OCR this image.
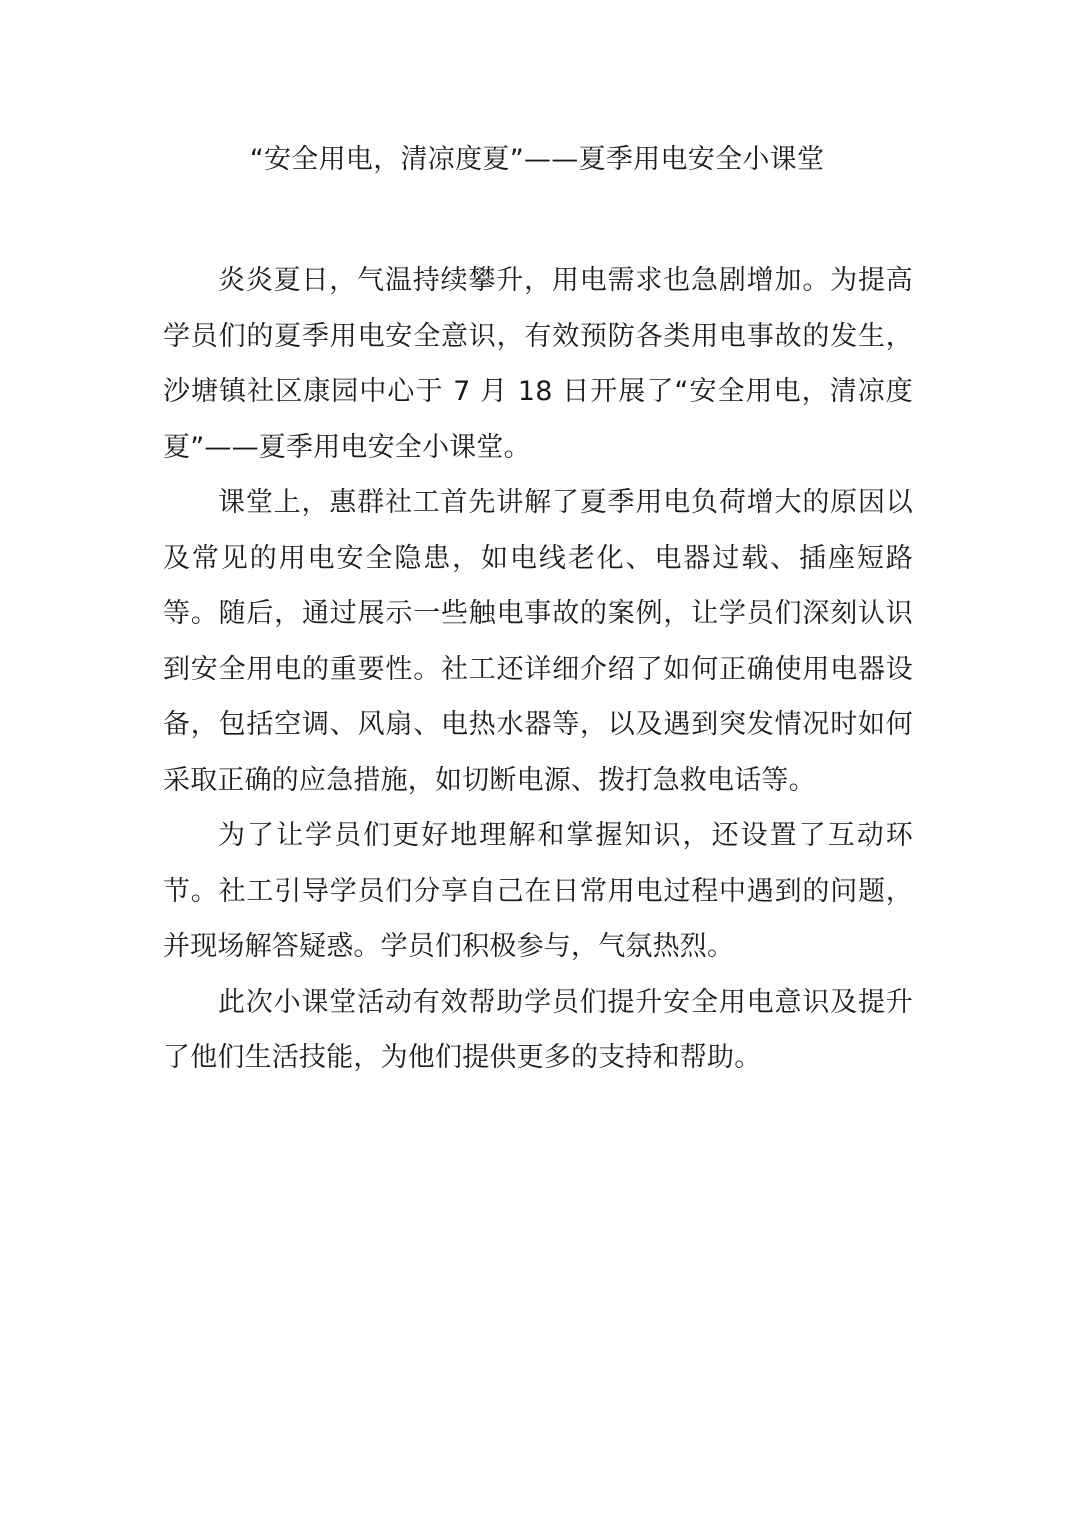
“安全用电，清凉度夏”——夏季用电安全小课堂

炎炎夏日，气温持续攀升，用电需求也急剧增加。为提高学员们的夏季用电安全意识，有效预防各类用电事故的发生，沙塘镇社区康园中心于 7 月 18 日开展了“安全用电，清凉度夏”——夏季用电安全小课堂。

课堂上，惠群社工首先讲解了夏季用电负荷增大的原因以及常见的用电安全隐患，如电线老化、电器过载、插座短路等。随后，通过展示一些触电事故的案例，让学员们深刻认识到安全用电的重要性。社工还详细介绍了如何正确使用电器设备，包括空调、风扇、电热水器等，以及遇到突发情况时如何采取正确的应急措施，如切断电源、拨打急救电话等。

为了让学员们更好地理解和掌握知识，还设置了互动环节。社工引导学员们分享自己在日常用电过程中遇到的问题，并现场解答疑惑。学员们积极参与，气氛热烈。

此次小课堂活动有效帮助学员们提升安全用电意识及提升了他们生活技能，为他们提供更多的支持和帮助。
